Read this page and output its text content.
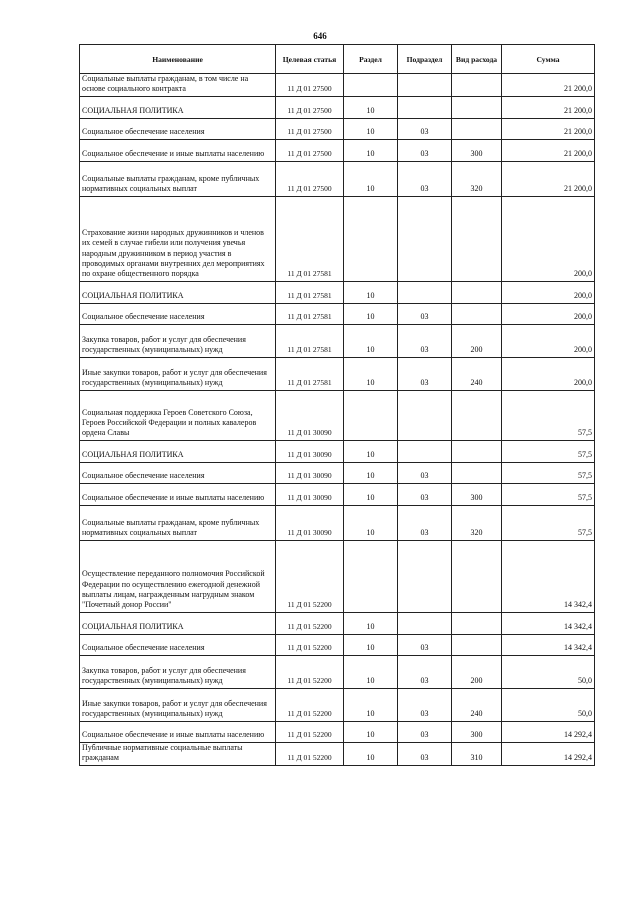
646
Наименование	Целевая статья	Раздел	Подраздел	Вид расхода	Сумма
Социальные выплаты гражданам, в том числе на основе социального контракта	11 Д 01 27500				21 200,0
СОЦИАЛЬНАЯ ПОЛИТИКА	11 Д 01 27500	10			21 200,0
Социальное обеспечение населения	11 Д 01 27500	10	03		21 200,0
Социальное обеспечение и иные выплаты населению	11 Д 01 27500	10	03	300	21 200,0
Социальные выплаты гражданам, кроме публичных нормативных социальных выплат	11 Д 01 27500	10	03	320	21 200,0
Страхование жизни народных дружинников и членов их семей в случае гибели или получения увечья народным дружинником в период участия в проводимых органами внутренних дел мероприятиях по охране общественного порядка	11 Д 01 27581				200,0
СОЦИАЛЬНАЯ ПОЛИТИКА	11 Д 01 27581	10			200,0
Социальное обеспечение населения	11 Д 01 27581	10	03		200,0
Закупка товаров, работ и услуг для обеспечения государственных (муниципальных) нужд	11 Д 01 27581	10	03	200	200,0
Иные закупки товаров, работ и услуг для обеспечения государственных (муниципальных) нужд	11 Д 01 27581	10	03	240	200,0
Социальная поддержка Героев Советского Союза, Героев Российской Федерации и полных кавалеров ордена Славы	11 Д 01 30090				57,5
СОЦИАЛЬНАЯ ПОЛИТИКА	11 Д 01 30090	10			57,5
Социальное обеспечение населения	11 Д 01 30090	10	03		57,5
Социальное обеспечение и иные выплаты населению	11 Д 01 30090	10	03	300	57,5
Социальные выплаты гражданам, кроме публичных нормативных социальных выплат	11 Д 01 30090	10	03	320	57,5
Осуществление переданного полномочия Российской Федерации по осуществлению ежегодной денежной выплаты лицам, награжденным нагрудным знаком "Почетный донор России"	11 Д 01 52200				14 342,4
СОЦИАЛЬНАЯ ПОЛИТИКА	11 Д 01 52200	10			14 342,4
Социальное обеспечение населения	11 Д 01 52200	10	03		14 342,4
Закупка товаров, работ и услуг для обеспечения государственных (муниципальных) нужд	11 Д 01 52200	10	03	200	50,0
Иные закупки товаров, работ и услуг для обеспечения государственных (муниципальных) нужд	11 Д 01 52200	10	03	240	50,0
Социальное обеспечение и иные выплаты населению	11 Д 01 52200	10	03	300	14 292,4
Публичные нормативные социальные выплаты гражданам	11 Д 01 52200	10	03	310	14 292,4
